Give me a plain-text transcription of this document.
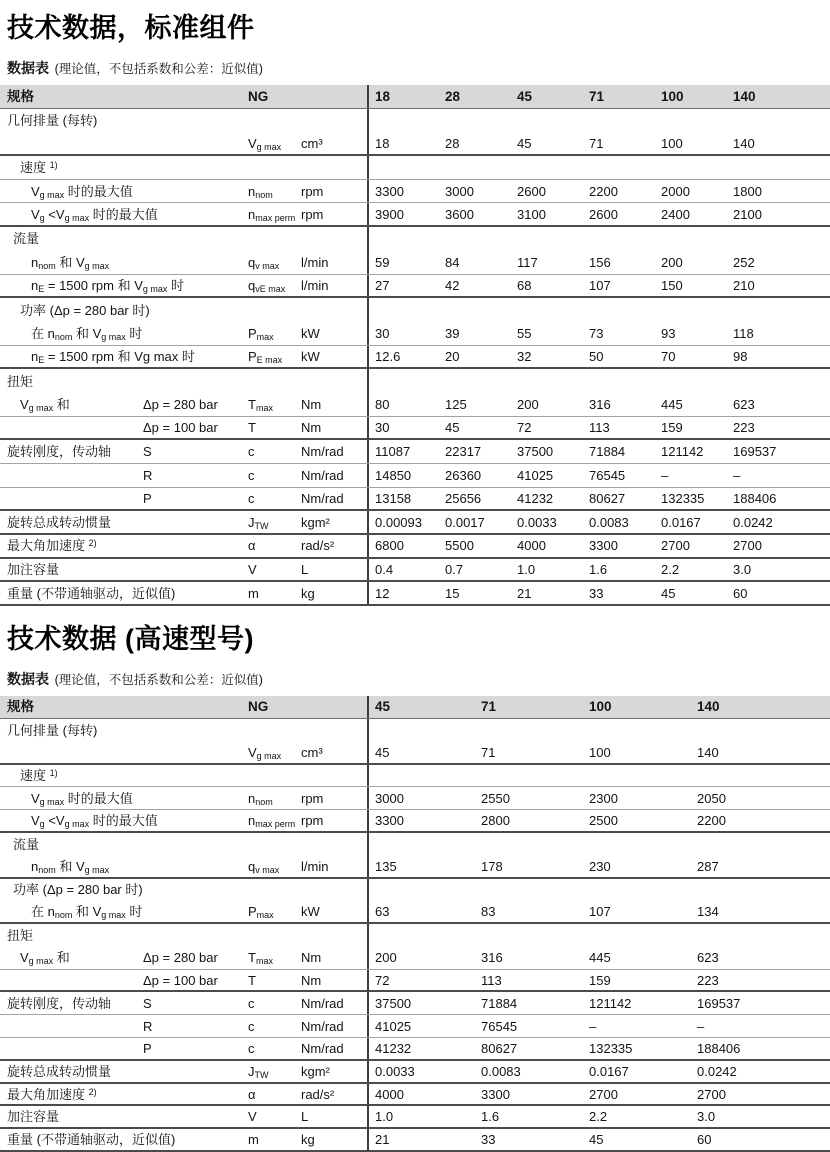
技术数据，标准组件
数据表 (理论值，不包括系数和公差：近似值)
规格	NG	18	28	45	71	100	140
几何排量 (每转)
$V_{g max}$	cm³	18	28	45	71	100	140
速度 $^{1)}$
$V_{g max}$ 时的最大值	$n_{nom}$	rpm	3300	3000	2600	2200	2000	1800
$V_g <V_{g max}$ 时的最大值	$n_{max perm}$ rpm	3900	3600	3100	2600	2400	2100
流量
$n_{nom}$ 和 $V_{g max}$	$q_{v max}$	l/min	59	84	117	156	200	252
$n_E = 1500$ rpm 和 $V_{g max}$ 时	$q_{vE max}$	l/min	27	42	68	107	150	210
功率 (Δp = 280 bar 时)
在 $n_{nom}$ 和 $V_{g max}$ 时	$P_{max}$	kW	30	39	55	73	93	118
$n_E = 1500$ rpm 和 Vg max 时	$P_{E max}$	kW	12.6	20	32	50	70	98
扭矩
$V_{g max}$ 和	Δp = 280 bar	$T_{max}$	Nm	80	125	200	316	445	623
Δp = 100 bar	T	Nm	30	45	72	113	159	223
旋转刚度，传动轴	S	c	Nm/rad	11087	22317	37500	71884	121142	169537
R	c	Nm/rad	14850	26360	41025	76545	–	–
P	c	Nm/rad	13158	25656	41232	80627	132335	188406
旋转总成转动惯量	$J_{TW}$	kgm²	0.00093	0.0017	0.0033	0.0083	0.0167	0.0242
最大角加速度 $^{2)}$	α	rad/s²	6800	5500	4000	3300	2700	2700
加注容量	V	L	0.4	0.7	1.0	1.6	2.2	3.0
重量 (不带通轴驱动，近似值)	m	kg	12	15	21	33	45	60
技术数据 (高速型号)
数据表 (理论值，不包括系数和公差：近似值)
规格	NG	45	71	100	140
几何排量 (每转)
$V_{g max}$	cm³	45	71	100	140
速度 $^{1)}$
$V_{g max}$ 时的最大值	$n_{nom}$	rpm	3000	2550	2300	2050
$V_g <V_{g max}$ 时的最大值	$n_{max perm}$ rpm	3300	2800	2500	2200
流量
$n_{nom}$ 和 $V_{g max}$	$q_{v max}$	l/min	135	178	230	287
功率 (Δp = 280 bar 时)
在 $n_{nom}$ 和 $V_{g max}$ 时	$P_{max}$	kW	63	83	107	134
扭矩
$V_{g max}$ 和	Δp = 280 bar	$T_{max}$	Nm	200	316	445	623
Δp = 100 bar	T	Nm	72	113	159	223
旋转刚度，传动轴	S	c	Nm/rad	37500	71884	121142	169537
R	c	Nm/rad	41025	76545	–	–
P	c	Nm/rad	41232	80627	132335	188406
旋转总成转动惯量	$J_{TW}$	kgm²	0.0033	0.0083	0.0167	0.0242
最大角加速度 $^{2)}$	α	rad/s²	4000	3300	2700	2700
加注容量	V	L	1.0	1.6	2.2	3.0
重量 (不带通轴驱动，近似值)	m	kg	21	33	45	60
